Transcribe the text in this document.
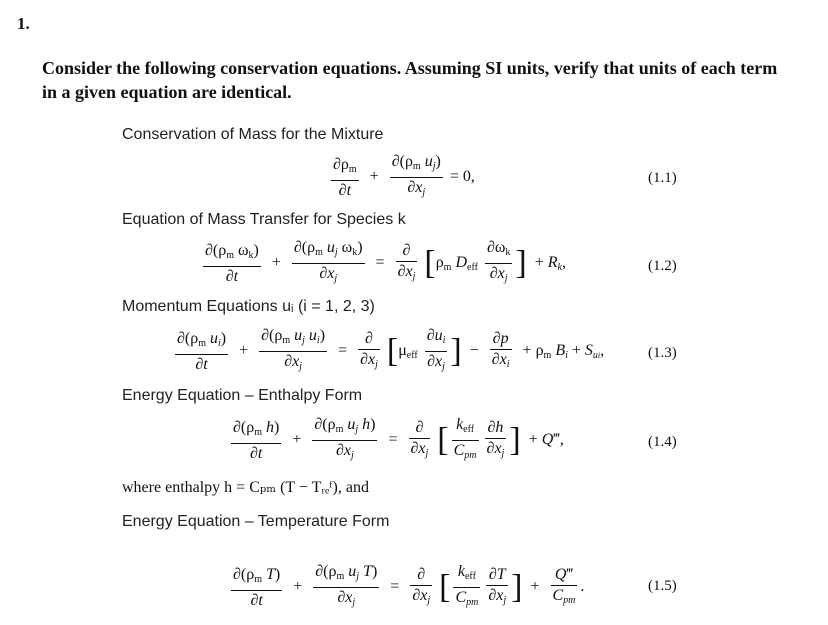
1.
Consider the following conservation equations. Assuming SI units, verify that units of each term in a given equation are identical.
Conservation of Mass for the Mixture
$\frac{\partial\rho_m}{\partial t} + \frac{\partial(\rho_m u_j)}{\partial x_j} = 0$,	(1.1)
Equation of Mass Transfer for Species k
$\frac{\partial(\rho_m \omega_k)}{\partial t} + \frac{\partial(\rho_m u_j \omega_k)}{\partial x_j} = \frac{\partial}{\partial x_j} [\rho_m$ $D_{eff} \frac{\partial\omega_k}{\partial x_j}$ ] + $R_k$,	(1.2)
Momentum Equations uᵢ (i = 1, 2, 3)
$\frac{\partial(\rho_m u_i)}{\partial t} + \frac{\partial(\rho_m u_j u_i)}{\partial x_j} = \frac{\partial}{\partial x_j} [\mu_{eff} \frac{\partial u_i}{\partial x_j}$ ] − $\frac{\partial p}{\partial x_i} + \rho_m$ $B_i + S_{ui}$,	(1.3)
Energy Equation – Enthalpy Form
$\frac{\partial(\rho_m h)}{\partial t} + \frac{\partial(\rho_m u_j h)}{\partial x_j} = \frac{\partial}{\partial x_j}$ [ $\frac{k_{eff}}{C_{pm}} \frac{\partial h}{\partial x_j}$ ] + Q‴,	(1.4)
where enthalpy h = Cₚₘ (T − Tᵣₑᶠ), and
Energy Equation – Temperature Form
$\frac{\partial(\rho_m T)}{\partial t} + \frac{\partial(\rho_m u_j T)}{\partial x_j} = \frac{\partial}{\partial x_j}$ [ $\frac{k_{eff}}{C_{pm}} \frac{\partial T}{\partial x_j}$ ] + $\frac{Q‴}{C_{pm}}$ .	(1.5)
